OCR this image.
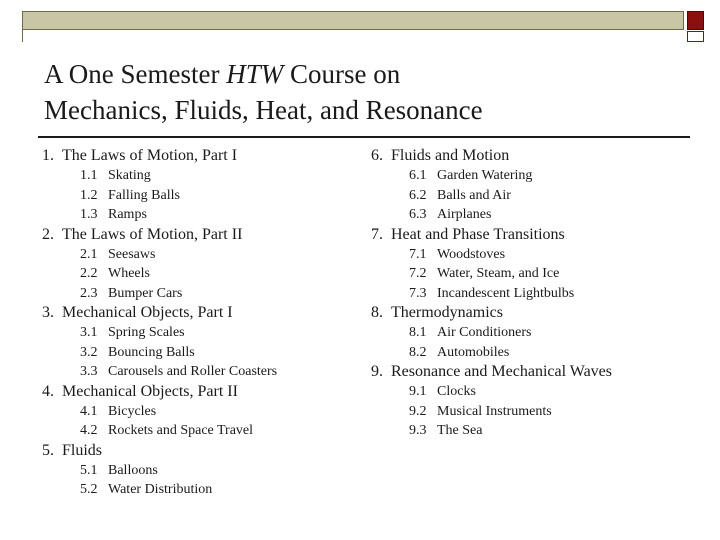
A One Semester HTW Course on
Mechanics, Fluids, Heat, and Resonance
1. The Laws of Motion, Part I
1.1 Skating
1.2 Falling Balls
1.3 Ramps
2. The Laws of Motion, Part II
2.1 Seesaws
2.2 Wheels
2.3 Bumper Cars
3. Mechanical Objects, Part I
3.1 Spring Scales
3.2 Bouncing Balls
3.3 Carousels and Roller Coasters
4. Mechanical Objects, Part II
4.1 Bicycles
4.2 Rockets and Space Travel
5. Fluids
5.1 Balloons
5.2 Water Distribution
6. Fluids and Motion
6.1 Garden Watering
6.2 Balls and Air
6.3 Airplanes
7. Heat and Phase Transitions
7.1 Woodstoves
7.2 Water, Steam, and Ice
7.3 Incandescent Lightbulbs
8. Thermodynamics
8.1 Air Conditioners
8.2 Automobiles
9. Resonance and Mechanical Waves
9.1 Clocks
9.2 Musical Instruments
9.3 The Sea
